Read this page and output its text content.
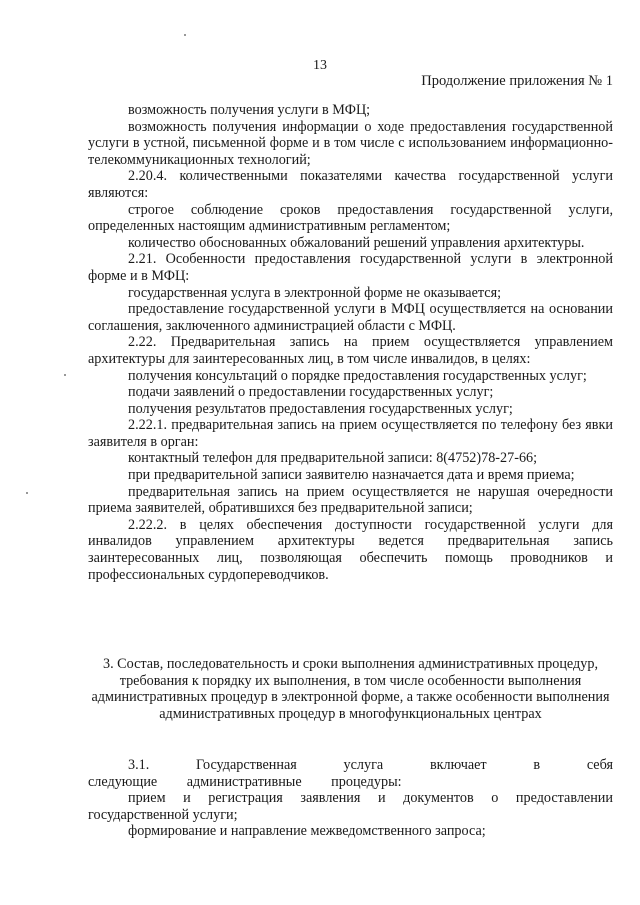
13
Продолжение приложения № 1

возможность получения услуги в МФЦ;

возможность получения информации о ходе предоставления государственной услуги в устной, письменной форме и в том числе с использованием информационно-телекоммуникационных технологий;

2.20.4. количественными показателями качества государственной услуги являются:

строгое соблюдение сроков предоставления государственной услуги, определенных настоящим административным регламентом;

количество обоснованных обжалований решений управления архитектуры.

2.21. Особенности предоставления государственной услуги в электронной форме и в МФЦ:

государственная услуга в электронной форме не оказывается;

предоставление государственной услуги в МФЦ осуществляется на основании соглашения, заключенного администрацией области с МФЦ.

2.22. Предварительная запись на прием осуществляется управлением архитектуры для заинтересованных лиц, в том числе инвалидов, в целях:

получения консультаций о порядке предоставления государственных услуг;

подачи заявлений о предоставлении государственных услуг;

получения результатов предоставления государственных услуг;

2.22.1. предварительная запись на прием осуществляется по телефону без явки заявителя в орган:

контактный телефон для предварительной записи: 8(4752)78-27-66;

при предварительной записи заявителю назначается дата и время приема;

предварительная запись на прием осуществляется не нарушая очередности приема заявителей, обратившихся без предварительной записи;

2.22.2. в целях обеспечения доступности государственной услуги для инвалидов управлением архитектуры ведется предварительная запись заинтересованных лиц, позволяющая обеспечить помощь проводников и профессиональных сурдопереводчиков.

3. Состав, последовательность и сроки выполнения административных процедур, требования к порядку их выполнения, в том числе особенности выполнения административных процедур в электронной форме, а также особенности выполнения административных процедур в многофункциональных центрах

3.1. Государственная услуга включает в себя следующие административные процедуры:

прием и регистрация заявления и документов о предоставлении государственной услуги;

формирование и направление межведомственного запроса;
